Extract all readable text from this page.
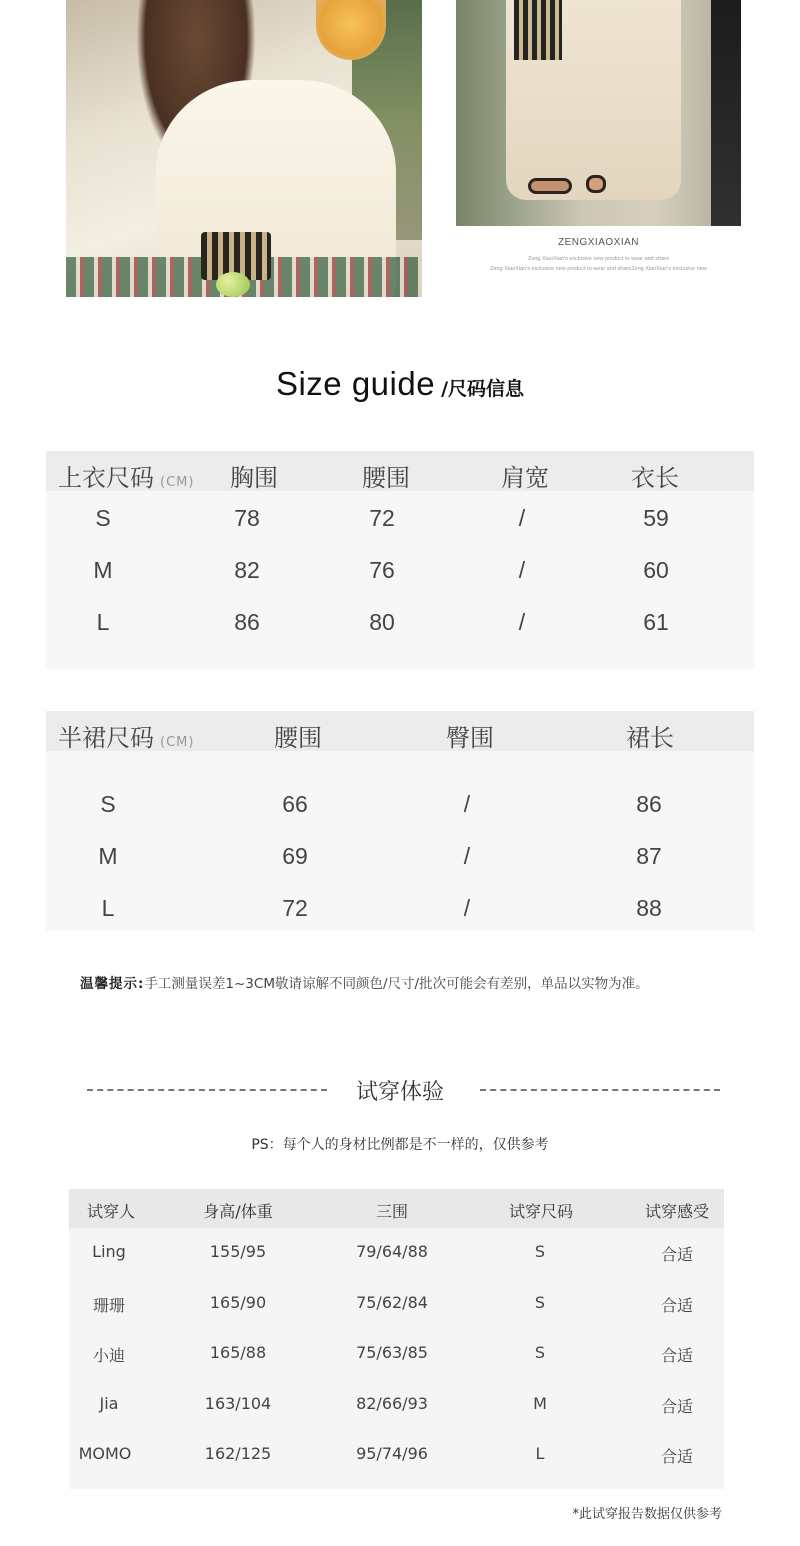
ZENGXIAOXIAN
Zeng XiaoXian's exclusive new product to wear and share
Zeng XiaoXian's exclusive new product to wear and shareZeng XiaoXian's exclusive new
Size guide /尺码信息
上衣尺码 (CM) 胸围	腰围	肩宽	衣长
S	78	72	/	59
M	82	76	/	60
L	86	80	/	61
半裙尺码 (CM)	腰围	臀围	裙长
S	66	/	86
M	69	/	87
L	72	/	88
温馨提示:手工测量误差1~3CM敬请谅解不同颜色/尺寸/批次可能会有差别，单品以实物为准。
试穿体验
PS：每个人的身材比例都是不一样的，仅供参考
试穿人	身高/体重	三围	试穿尺码	试穿感受
Ling	155/95	79/64/88	S	合适
珊珊	165/90	75/62/84	S	合适
小迪	165/88	75/63/85	S	合适
Jia	163/104	82/66/93	M	合适
MOMO	162/125	95/74/96	L	合适
*此试穿报告数据仅供参考
